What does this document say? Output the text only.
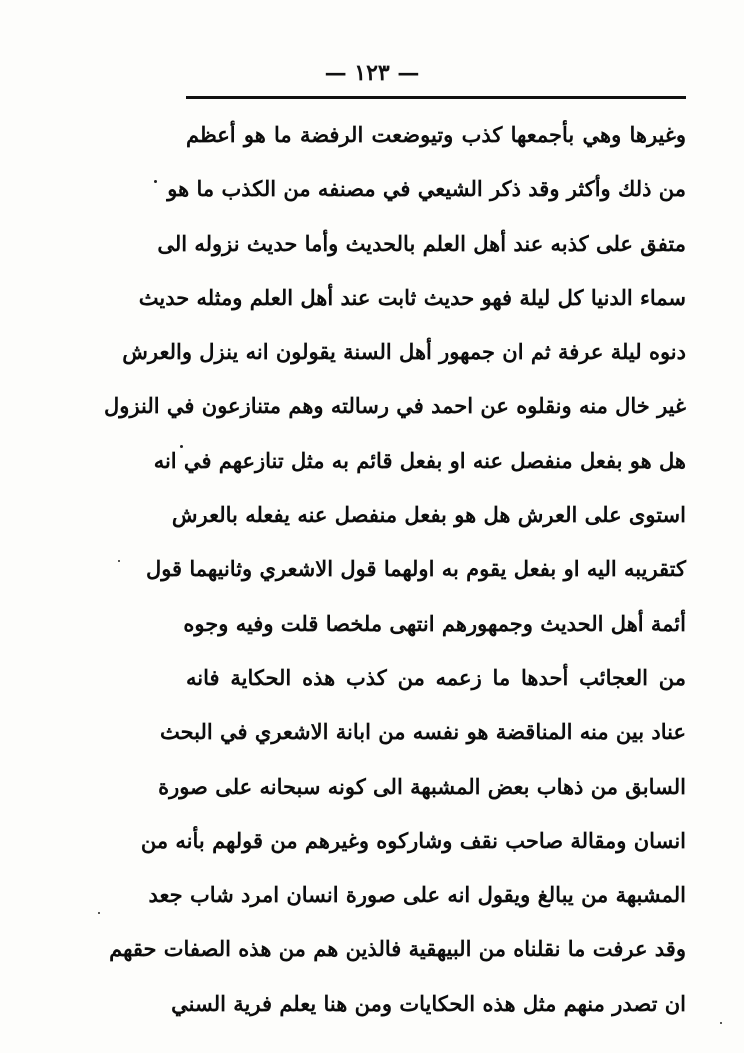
— ١٢٣ —
وغيرها وهي بأجمعها كذب وتيوضعت الرفضة ما هو أعظم
من ذلك وأكثر وقد ذكر الشيعي في مصنفه من الكذب ما هو
متفق على كذبه عند أهل العلم بالحديث وأما حديث نزوله الى
سماء الدنيا كل ليلة فهو حديث ثابت عند أهل العلم ومثله حديث
دنوه ليلة عرفة ثم ان جمهور أهل السنة يقولون انه ينزل والعرش
غير خال منه ونقلوه عن احمد في رسالته وهم متنازعون في النزول
هل هو بفعل منفصل عنه او بفعل قائم به مثل تنازعهم في انه
استوى على العرش هل هو بفعل منفصل عنه يفعله بالعرش
كتقريبه اليه او بفعل يقوم به اولهما قول الاشعري وثانيهما قول
أئمة أهل الحديث وجمهورهم انتهى ملخصا قلت وفيه وجوه
من العجائب أحدها ما زعمه من كذب هذه الحكاية فانه
عناد بين منه المناقضة هو نفسه من ابانة الاشعري في البحث
السابق من ذهاب بعض المشبهة الى كونه سبحانه على صورة
انسان ومقالة صاحب نقف وشاركوه وغيرهم من قولهم بأنه من
المشبهة من يبالغ ويقول انه على صورة انسان امرد شاب جعد
وقد عرفت ما نقلناه من البيهقية فالذين هم من هذه الصفات حقهم
ان تصدر منهم مثل هذه الحكايات ومن هنا يعلم فرية السني
